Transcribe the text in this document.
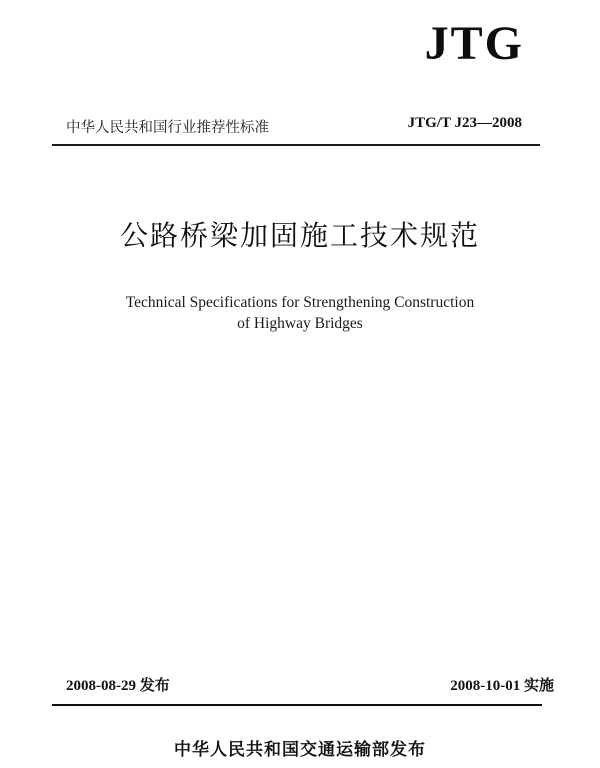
JTG
中华人民共和国行业推荐性标准	JTG/T J23—2008
公路桥梁加固施工技术规范
Technical Specifications for Strengthening Construction
of Highway Bridges
2008-08-29 发布	2008-10-01 实施
中华人民共和国交通运输部发布
